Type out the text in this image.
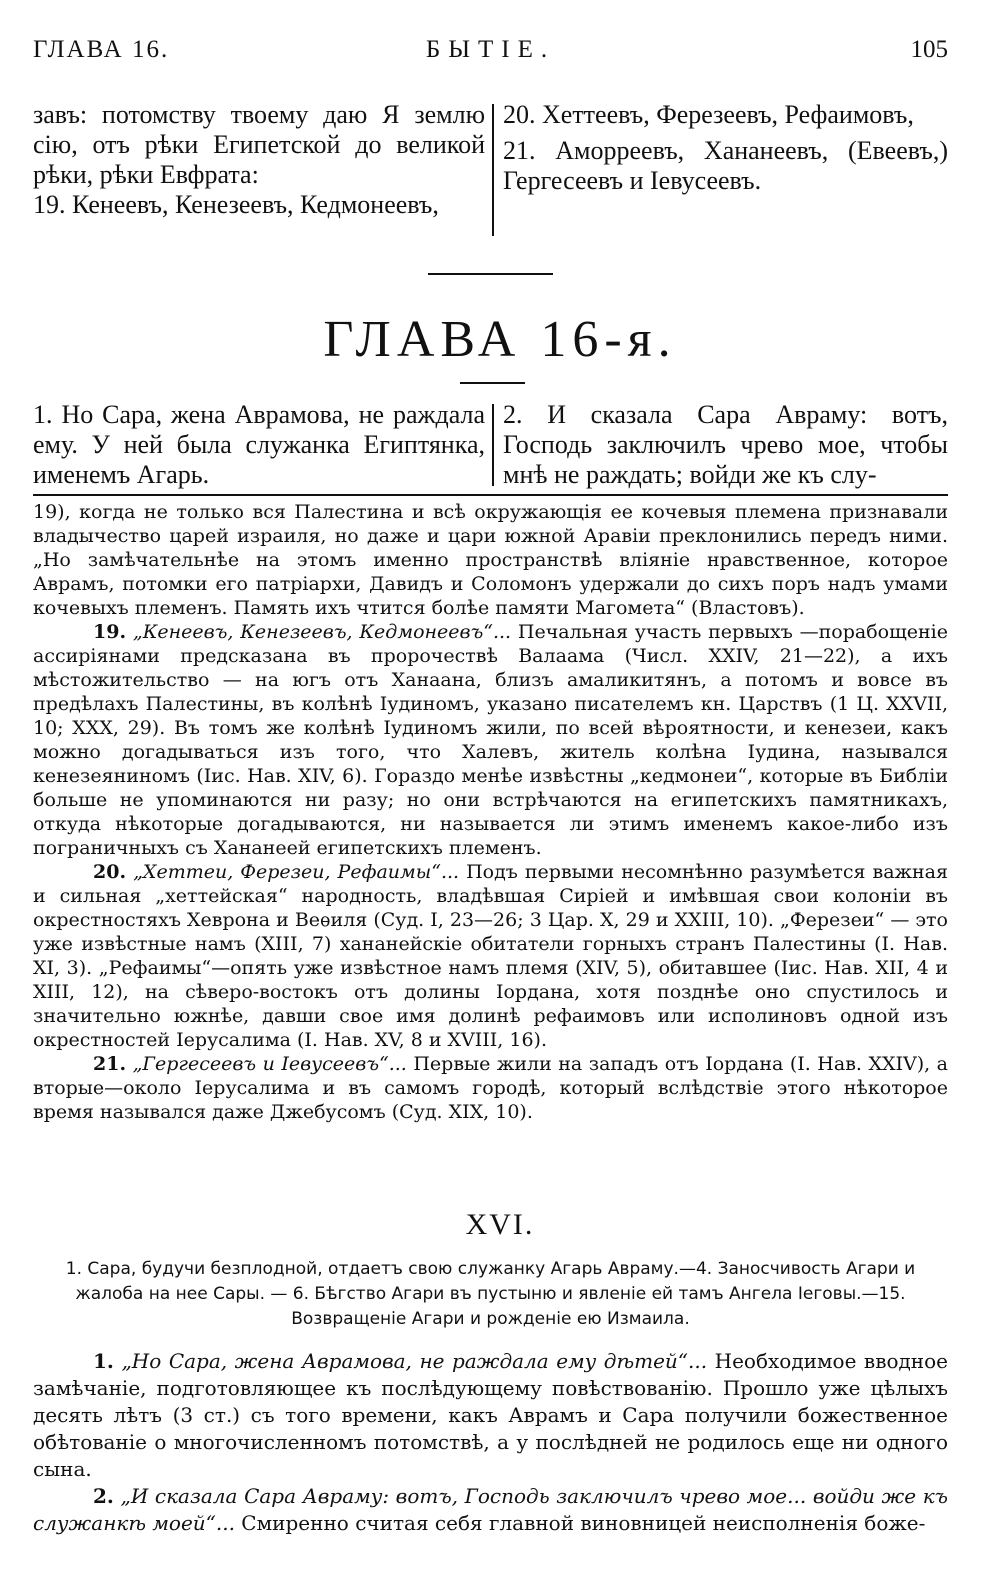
ГЛАВА 16.	БЫТІЕ.	105

завъ: потомству твоему даю Я землю сію, отъ рѣки Египетской до великой рѣки, рѣки Евфрата:

19. Кенеевъ, Кенезеевъ, Кедмонеевъ,

20. Хеттеевъ, Ферезеевъ, Рефаимовъ,

21. Аморреевъ, Хананеевъ, (Евеевъ,) Гергесеевъ и Іевусеевъ.

ГЛАВА 16-я.

1. Но Сара, жена Аврамова, не раждала ему. У ней была служанка Египтянка, именемъ Агарь.

2. И сказала Сара Авраму: вотъ, Господь заключилъ чрево мое, чтобы мнѣ не раждать; войди же къ слу-

19), когда не только вся Палестина и всѣ окружающія ее кочевыя племена признавали владычество царей израиля, но даже и цари южной Аравіи преклонились передъ ними. „Но замѣчательнѣе на этомъ именно пространствѣ вліяніе нравственное, которое Аврамъ, потомки его патріархи, Давидъ и Соломонъ удержали до сихъ поръ надъ умами кочевыхъ племенъ. Память ихъ чтится болѣе памяти Магомета“ (Властовъ).

19. „Кенеевъ, Кенезеевъ, Кедмонеевъ“... Печальная участь первыхъ —порабощеніе ассиріянами предсказана въ пророчествѣ Валаама (Числ. XXIV, 21—22), а ихъ мѣстожительство — на югъ отъ Ханаана, близъ амаликитянъ, а потомъ и вовсе въ предѣлахъ Палестины, въ колѣнѣ Іудиномъ, указано писателемъ кн. Царствъ (1 Ц. XXVII, 10; XXX, 29). Въ томъ же колѣнѣ Іудиномъ жили, по всей вѣроятности, и кенезеи, какъ можно догадываться изъ того, что Халевъ, житель колѣна Іудина, назывался кенезеяниномъ (Іис. Нав. XIV, 6). Гораздо менѣе извѣстны „кедмонеи“, которые въ Библіи больше не упоминаются ни разу; но они встрѣчаются на египетскихъ памятникахъ, откуда нѣкоторые догадываются, ни называется ли этимъ именемъ какое-либо изъ пограничныхъ съ Хананеей египетскихъ племенъ.

20. „Хеттеи, Ферезеи, Рефаимы“... Подъ первыми несомнѣнно разумѣется важная и сильная „хеттейская“ народность, владѣвшая Сиріей и имѣвшая свои колоніи въ окрестностяхъ Хеврона и Веѳиля (Суд. I, 23—26; 3 Цар. X, 29 и XXIII, 10). „Ферезеи“ — это уже извѣстные намъ (XIII, 7) хананейскіе обитатели горныхъ странъ Палестины (I. Нав. XI, 3). „Рефаимы“—опять уже извѣстное намъ племя (XIV, 5), обитавшее (Іис. Нав. XII, 4 и XIII, 12), на сѣверо-востокъ отъ долины Іордана, хотя позднѣе оно спустилось и значительно южнѣе, давши свое имя долинѣ рефаимовъ или исполиновъ одной изъ окрестностей Іерусалима (I. Нав. XV, 8 и XVIII, 16).

21. „Гергесеевъ и Іевусеевъ“... Первые жили на западъ отъ Іордана (I. Нав. XXIV), а вторые—около Іерусалима и въ самомъ городѣ, который вслѣдствіе этого нѣкоторое время назывался даже Джебусомъ (Суд. XIX, 10).

XVI.
1. Сара, будучи безплодной, отдаетъ свою служанку Агарь Авраму.—4. Заносчивость Агари и жалоба на нее Сары. — 6. Бѣгство Агари въ пустыню и явленіе ей тамъ Ангела Іеговы.—15. Возвращеніе Агари и рожденіе ею Измаила.

1. „Но Сара, жена Аврамова, не раждала ему дѣтей“... Необходимое вводное замѣчаніе, подготовляющее къ послѣдующему повѣствованію. Прошло уже цѣлыхъ десять лѣтъ (3 ст.) съ того времени, какъ Аврамъ и Сара получили божественное обѣтованіе о многочисленномъ потомствѣ, а у послѣдней не родилось еще ни одного сына.

2. „И сказала Сара Авраму: вотъ, Господь заключилъ чрево мое... войди же къ служанкѣ моей“... Смиренно считая себя главной виновницей неисполненія боже-
